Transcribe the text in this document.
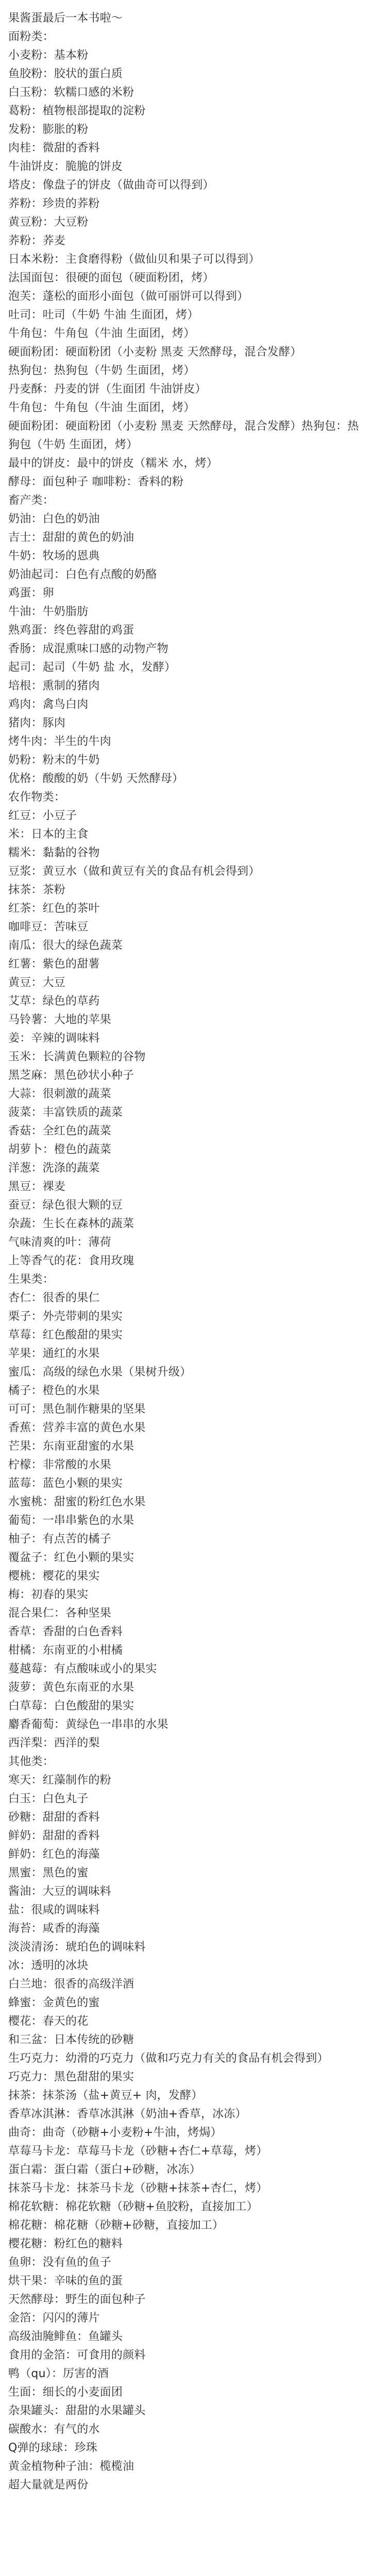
果酱蛋最后一本书啦～
面粉类：
小麦粉：基本粉
鱼胶粉：胶状的蛋白质
白玉粉：软糯口感的米粉
葛粉：植物根部提取的淀粉
发粉：膨胀的粉
肉桂：微甜的香料
牛油饼皮：脆脆的饼皮
塔皮：像盘子的饼皮（做曲奇可以得到）
荞粉：珍贵的荞粉
黄豆粉：大豆粉
荞粉：荞麦
日本米粉：主食磨得粉（做仙贝和果子可以得到）
法国面包：很硬的面包（硬面粉团，烤）
泡芙：蓬松的面形小面包（做可丽饼可以得到）
吐司：吐司（牛奶 牛油 生面团，烤）
牛角包：牛角包（牛油 生面团，烤）
硬面粉团：硬面粉团（小麦粉 黑麦 天然酵母，混合发酵）
热狗包：热狗包（牛奶 生面团，烤）
丹麦酥：丹麦的饼（生面团 牛油饼皮）
牛角包：牛角包（牛油 生面团，烤）
硬面粉团：硬面粉团（小麦粉 黑麦 天然酵母，混合发酵）热狗包：热狗包（牛奶 生面团，烤）
最中的饼皮：最中的饼皮（糯米 水，烤）
酵母：面包种子 咖啡粉：香料的粉
畜产类：
奶油：白色的奶油
吉士：甜甜的黄色的奶油
牛奶：牧场的恩典
奶油起司：白色有点酸的奶酪
鸡蛋：卵
牛油：牛奶脂肪
熟鸡蛋：终色蓉甜的鸡蛋
香肠：成混熏味口感的动物产物
起司：起司（牛奶 盐 水，发酵）
培根：熏制的猪肉
鸡肉：禽鸟白肉
猪肉：豚肉
烤牛肉：半生的牛肉
奶粉：粉末的牛奶
优格：酸酸的奶（牛奶 天然酵母）
农作物类：
红豆：小豆子
米：日本的主食
糯米：黏黏的谷物
豆浆：黄豆水（做和黄豆有关的食品有机会得到）
抹茶：茶粉
红茶：红色的茶叶
咖啡豆：苦味豆
南瓜：很大的绿色蔬菜
红薯：紫色的甜薯
黄豆：大豆
艾草：绿色的草药
马铃薯：大地的苹果
姜：辛辣的调味料
玉米：长满黄色颗粒的谷物
黑芝麻：黑色砂状小种子
大蒜：很刺激的蔬菜
菠菜：丰富铁质的蔬菜
香菇：全红色的蔬菜
胡萝卜：橙色的蔬菜
洋葱：洗涤的蔬菜
黑豆：裸麦
蚕豆：绿色很大颗的豆
杂蔬：生长在森林的蔬菜
气味清爽的叶：薄荷
上等香气的花：食用玫瑰
生果类：
杏仁：很香的果仁
栗子：外壳带刺的果实
草莓：红色酸甜的果实
苹果：通红的水果
蜜瓜：高级的绿色水果（果树升级）
橘子：橙色的水果
可可：黑色制作糖果的坚果
香蕉：营养丰富的黄色水果
芒果：东南亚甜蜜的水果
柠檬：非常酸的水果
蓝莓：蓝色小颗的果实
水蜜桃：甜蜜的粉红色水果
葡萄：一串串紫色的水果
柚子：有点苦的橘子
覆盆子：红色小颗的果实
樱桃：樱花的果实
梅：初春的果实
混合果仁：各种坚果
香草：香甜的白色香料
柑橘：东南亚的小柑橘
蔓越莓：有点酸味或小的果实
菠萝：黄色东南亚的水果
白草莓：白色酸甜的果实
麝香葡萄：黄绿色一串串的水果
西洋梨：西洋的梨
其他类：
寒天：红藻制作的粉
白玉：白色丸子
砂糖：甜甜的香料
鲜奶：甜甜的香料
鲜奶：红色的海藻
黑蜜：黑色的蜜
酱油：大豆的调味料
盐：很咸的调味料
海苔：咸香的海藻
淡淡清汤：琥珀色的调味料
冰：透明的冰块
白兰地：很香的高级洋酒
蜂蜜：金黄色的蜜
樱花：春天的花
和三盆：日本传统的砂糖
生巧克力：幼滑的巧克力（做和巧克力有关的食品有机会得到）
巧克力：黑色甜甜的果实
抹茶：抹茶汤（盐+黄豆+ 肉，发酵）
香草冰淇淋：香草冰淇淋（奶油+香草，冰冻）
曲奇：曲奇（砂糖+小麦粉+牛油，烤焗）
草莓马卡龙：草莓马卡龙（砂糖+杏仁+草莓，烤）
蛋白霜：蛋白霜（蛋白+砂糖，冰冻）
抹茶马卡龙：抹茶马卡龙（砂糖+抹茶+杏仁，烤）
棉花软糖：棉花软糖（砂糖+鱼胶粉，直接加工）
棉花糖：棉花糖（砂糖+砂糖，直接加工）
樱花糖：粉红色的糖料
鱼卵：没有鱼的鱼子
烘干果：辛味的鱼的蛋
天然酵母：野生的面包种子
金箔：闪闪的薄片
高级油腌鲱鱼：鱼罐头
食用的金箔：可食用的颜料
鸭（qu）：厉害的酒
生面：细长的小麦面团
杂果罐头：甜甜的水果罐头
碳酸水：有气的水
Q弹的球球：珍珠
黄金植物种子油：榄榄油
超大量就是两份
